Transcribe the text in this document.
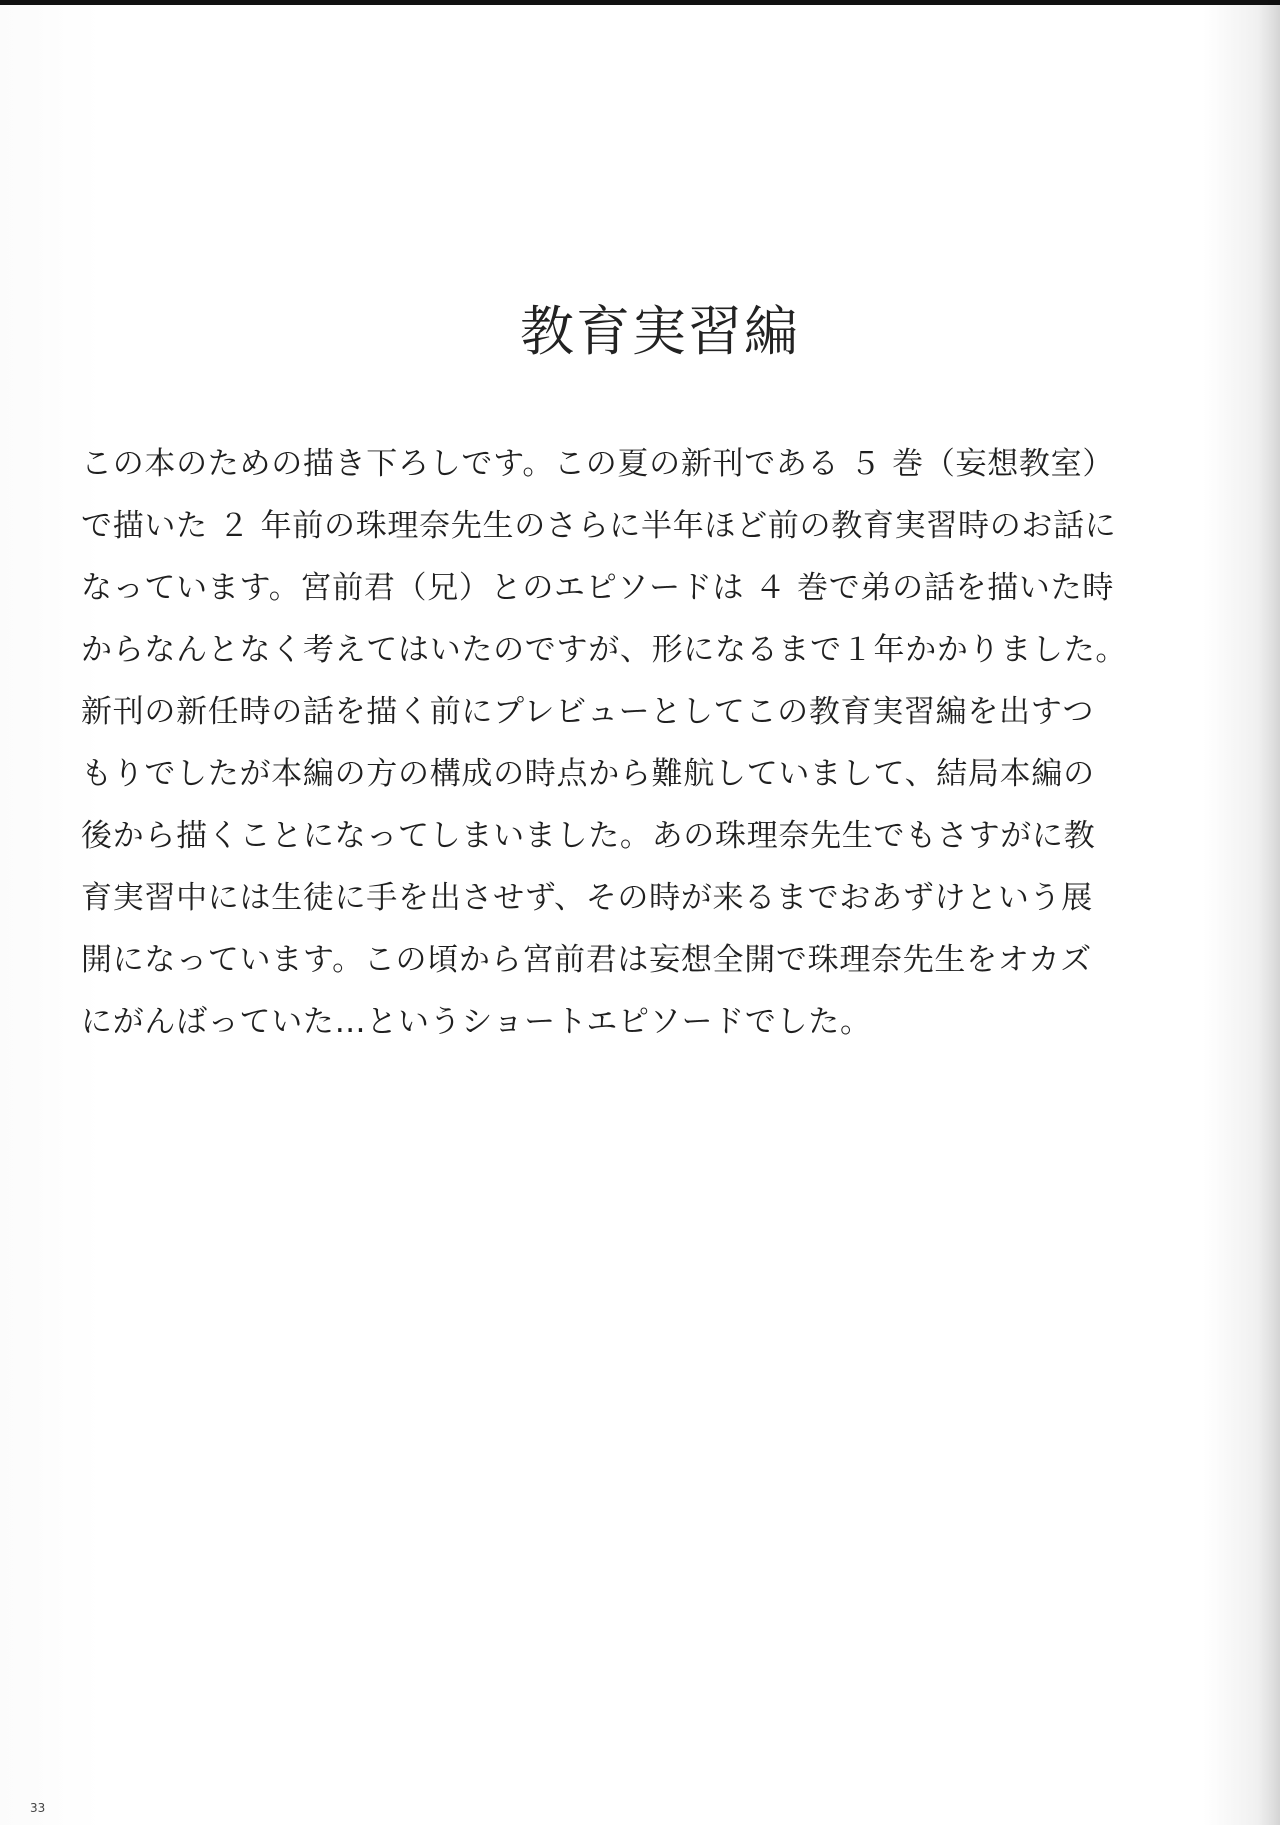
教育実習編
この本のための描き下ろしです。この夏の新刊である ５ 巻（妄想教室）
で描いた ２ 年前の珠理奈先生のさらに半年ほど前の教育実習時のお話に
なっています。宮前君（兄）とのエピソードは ４ 巻で弟の話を描いた時
からなんとなく考えてはいたのですが、形になるまで１年かかりました。
新刊の新任時の話を描く前にプレビューとしてこの教育実習編を出すつ
もりでしたが本編の方の構成の時点から難航していまして、結局本編の
後から描くことになってしまいました。あの珠理奈先生でもさすがに教
育実習中には生徒に手を出させず、その時が来るまでおあずけという展
開になっています。この頃から宮前君は妄想全開で珠理奈先生をオカズ
にがんばっていた…というショートエピソードでした。
33
